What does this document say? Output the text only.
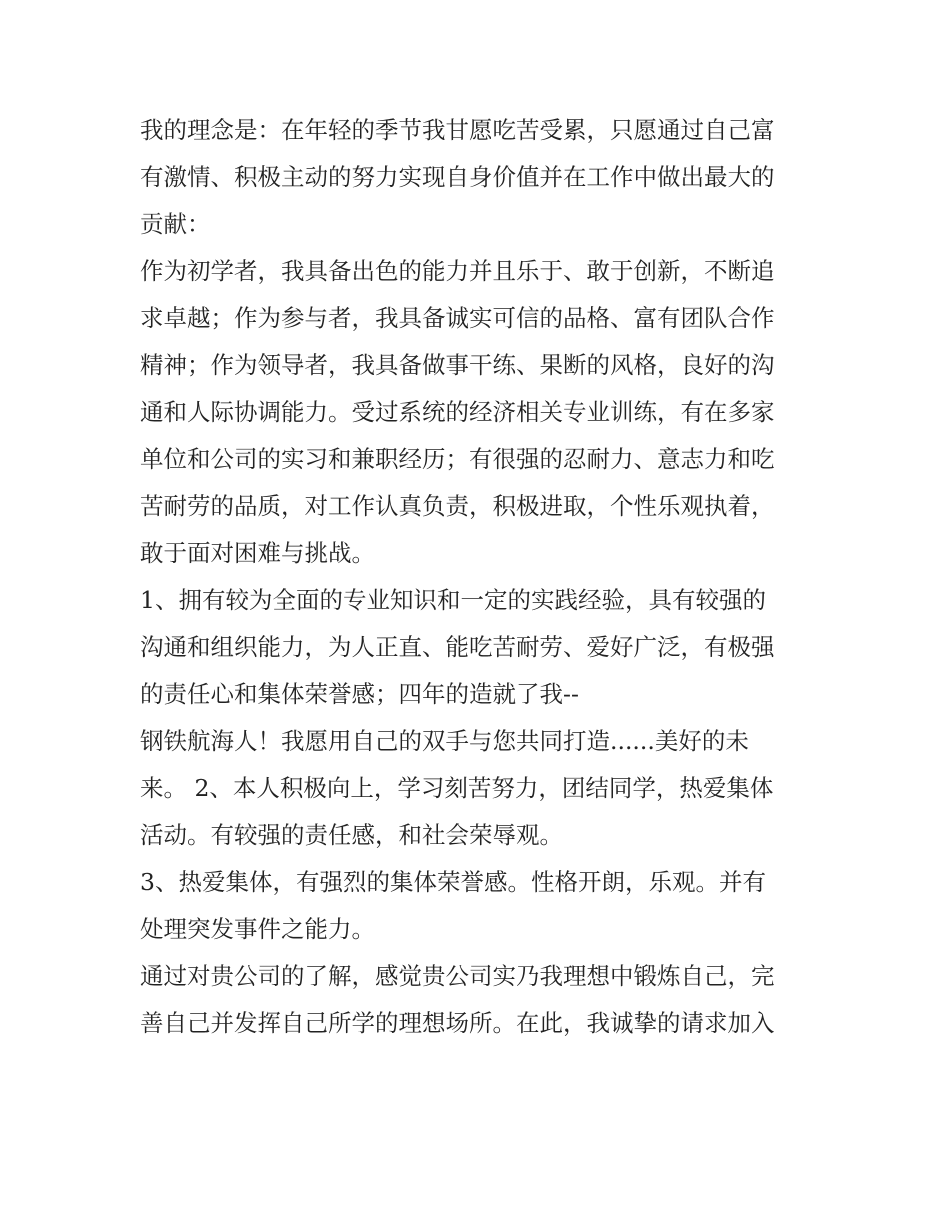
我的理念是：在年轻的季节我甘愿吃苦受累，只愿通过自己富
有激情、积极主动的努力实现自身价值并在工作中做出最大的
贡献：

作为初学者，我具备出色的能力并且乐于、敢于创新，不断追
求卓越；作为参与者，我具备诚实可信的品格、富有团队合作
精神；作为领导者，我具备做事干练、果断的风格，良好的沟
通和人际协调能力。受过系统的经济相关专业训练，有在多家
单位和公司的实习和兼职经历；有很强的忍耐力、意志力和吃
苦耐劳的品质，对工作认真负责，积极进取，个性乐观执着，
敢于面对困难与挑战。

1、拥有较为全面的专业知识和一定的实践经验，具有较强的
沟通和组织能力，为人正直、能吃苦耐劳、爱好广泛，有极强
的责任心和集体荣誉感；四年的造就了我--

钢铁航海人！我愿用自己的双手与您共同打造......美好的未
来。 2、本人积极向上，学习刻苦努力，团结同学，热爱集体
活动。有较强的责任感，和社会荣辱观。

3、热爱集体，有强烈的集体荣誉感。性格开朗，乐观。并有
处理突发事件之能力。

通过对贵公司的了解，感觉贵公司实乃我理想中锻炼自己，完
善自己并发挥自己所学的理想场所。在此，我诚挚的请求加入
